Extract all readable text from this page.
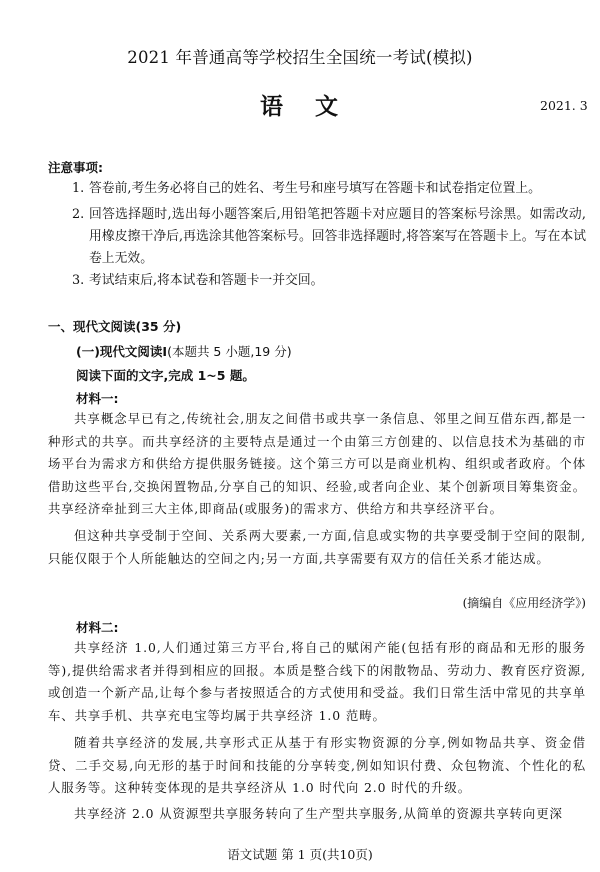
2021 年普通高等学校招生全国统一考试(模拟)
语 文	2021. 3
注意事项:
1. 答卷前,考生务必将自己的姓名、考生号和座号填写在答题卡和试卷指定位置上。
2. 回答选择题时,选出每小题答案后,用铅笔把答题卡对应题目的答案标号涂黑。如需改动,用橡皮擦干净后,再选涂其他答案标号。回答非选择题时,将答案写在答题卡上。写在本试卷上无效。
3. 考试结束后,将本试卷和答题卡一并交回。
一、现代文阅读(35 分)
(一)现代文阅读Ⅰ(本题共 5 小题,19 分)
阅读下面的文字,完成 1~5 题。
材料一:
共享概念早已有之,传统社会,朋友之间借书或共享一条信息、邻里之间互借东西,都是一种形式的共享。而共享经济的主要特点是通过一个由第三方创建的、以信息技术为基础的市场平台为需求方和供给方提供服务链接。这个第三方可以是商业机构、组织或者政府。个体借助这些平台,交换闲置物品,分享自己的知识、经验,或者向企业、某个创新项目筹集资金。共享经济牵扯到三大主体,即商品(或服务)的需求方、供给方和共享经济平台。
但这种共享受制于空间、关系两大要素,一方面,信息或实物的共享要受制于空间的限制,只能仅限于个人所能触达的空间之内;另一方面,共享需要有双方的信任关系才能达成。
(摘编自《应用经济学》)
材料二:
共享经济 1.0,人们通过第三方平台,将自己的赋闲产能(包括有形的商品和无形的服务等),提供给需求者并得到相应的回报。本质是整合线下的闲散物品、劳动力、教育医疗资源,或创造一个新产品,让每个参与者按照适合的方式使用和受益。我们日常生活中常见的共享单车、共享手机、共享充电宝等均属于共享经济 1.0 范畴。
随着共享经济的发展,共享形式正从基于有形实物资源的分享,例如物品共享、资金借贷、二手交易,向无形的基于时间和技能的分享转变,例如知识付费、众包物流、个性化的私人服务等。这种转变体现的是共享经济从 1.0 时代向 2.0 时代的升级。
共享经济 2.0 从资源型共享服务转向了生产型共享服务,从简单的资源共享转向更深
语文试题 第 1 页(共10页)
